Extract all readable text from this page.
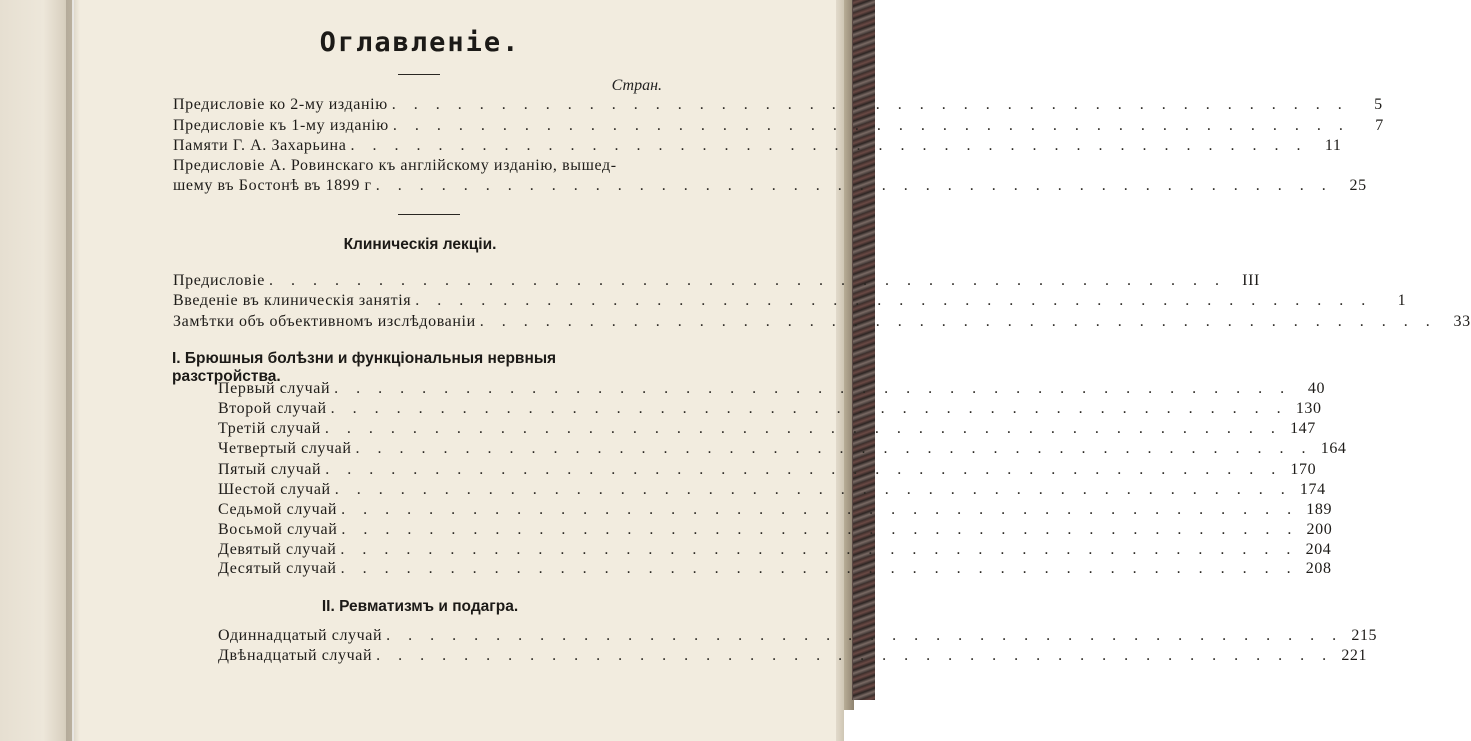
Оглавленіе.
Стран.
Предисловіе ко 2-му изданію . . . . . . . . . . . . . . . . . . . . . . . . . . . . . . . . . . . . . . . . . . . .	5
Предисловіе къ 1-му изданію . . . . . . . . . . . . . . . . . . . . . . . . . . . . . . . . . . . . . . . . . . . .	7
Памяти Г. А. Захарьина . . . . . . . . . . . . . . . . . . . . . . . . . . . . . . . . . . . . . . . . . . . .	11
Предисловіе А. Ровинскаго къ англійскому изданію, вышед-
шему въ Бостонѣ въ 1899 г . . . . . . . . . . . . . . . . . . . . . . . . . . . . . . . . . . . . . . . . . . . .	25
Клиническія лекціи.
Предисловіе . . . . . . . . . . . . . . . . . . . . . . . . . . . . . . . . . . . . . . . . . . . .	III
Введеніе въ клиническія занятія . . . . . . . . . . . . . . . . . . . . . . . . . . . . . . . . . . . . . . . . . . . .	1
Замѣтки объ объективномъ изслѣдованіи . . . . . . . . . . . . . . . . . . . . . . . . . . . . . . . . . . . . . . . . . . . .	33
I. Брюшныя болѣзни и функціональныя нервныя разстройства.
Первый случай . . . . . . . . . . . . . . . . . . . . . . . . . . . . . . . . . . . . . . . . . . . .	40
Второй случай . . . . . . . . . . . . . . . . . . . . . . . . . . . . . . . . . . . . . . . . . . . . 130
Третій случай . . . . . . . . . . . . . . . . . . . . . . . . . . . . . . . . . . . . . . . . . . . . 147
Четвертый случай . . . . . . . . . . . . . . . . . . . . . . . . . . . . . . . . . . . . . . . . . . . . 164
Пятый случай . . . . . . . . . . . . . . . . . . . . . . . . . . . . . . . . . . . . . . . . . . . . 170
Шестой случай . . . . . . . . . . . . . . . . . . . . . . . . . . . . . . . . . . . . . . . . . . . . 174
Седьмой случай . . . . . . . . . . . . . . . . . . . . . . . . . . . . . . . . . . . . . . . . . . . . 189
Восьмой случай . . . . . . . . . . . . . . . . . . . . . . . . . . . . . . . . . . . . . . . . . . . . 200
Девятый случай . . . . . . . . . . . . . . . . . . . . . . . . . . . . . . . . . . . . . . . . . . . . 204
Десятый случай . . . . . . . . . . . . . . . . . . . . . . . . . . . . . . . . . . . . . . . . . . . . 208
II. Ревматизмъ и подагра.
Одиннадцатый случай . . . . . . . . . . . . . . . . . . . . . . . . . . . . . . . . . . . . . . . . . . . . 215
Двѣнадцатый случай . . . . . . . . . . . . . . . . . . . . . . . . . . . . . . . . . . . . . . . . . . . . 221
